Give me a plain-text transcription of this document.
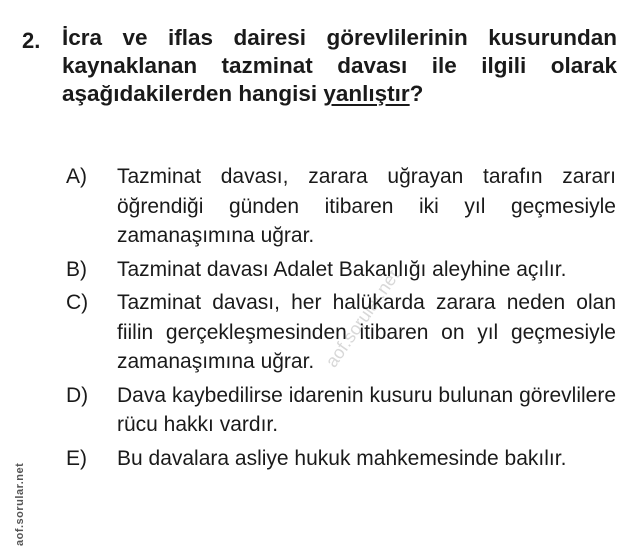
aof.sorular.net
2. İcra ve iflas dairesi görevlilerinin kusurundan kaynaklanan tazminat davası ile ilgili olarak aşağıdakilerden hangisi yanlıştır?
A) Tazminat davası, zarara uğrayan tarafın zararı öğrendiği günden itibaren iki yıl geçmesiyle zamanaşımına uğrar.
B) Tazminat davası Adalet Bakanlığı aleyhine açılır.
C) Tazminat davası, her halükarda zarara neden olan fiilin gerçekleşmesinden itibaren on yıl geçmesiyle zamanaşımına uğrar.
D) Dava kaybedilirse idarenin kusuru bulunan görevlilere rücu hakkı vardır.
E) Bu davalara asliye hukuk mahkemesinde bakılır.
aof.sorular.net
